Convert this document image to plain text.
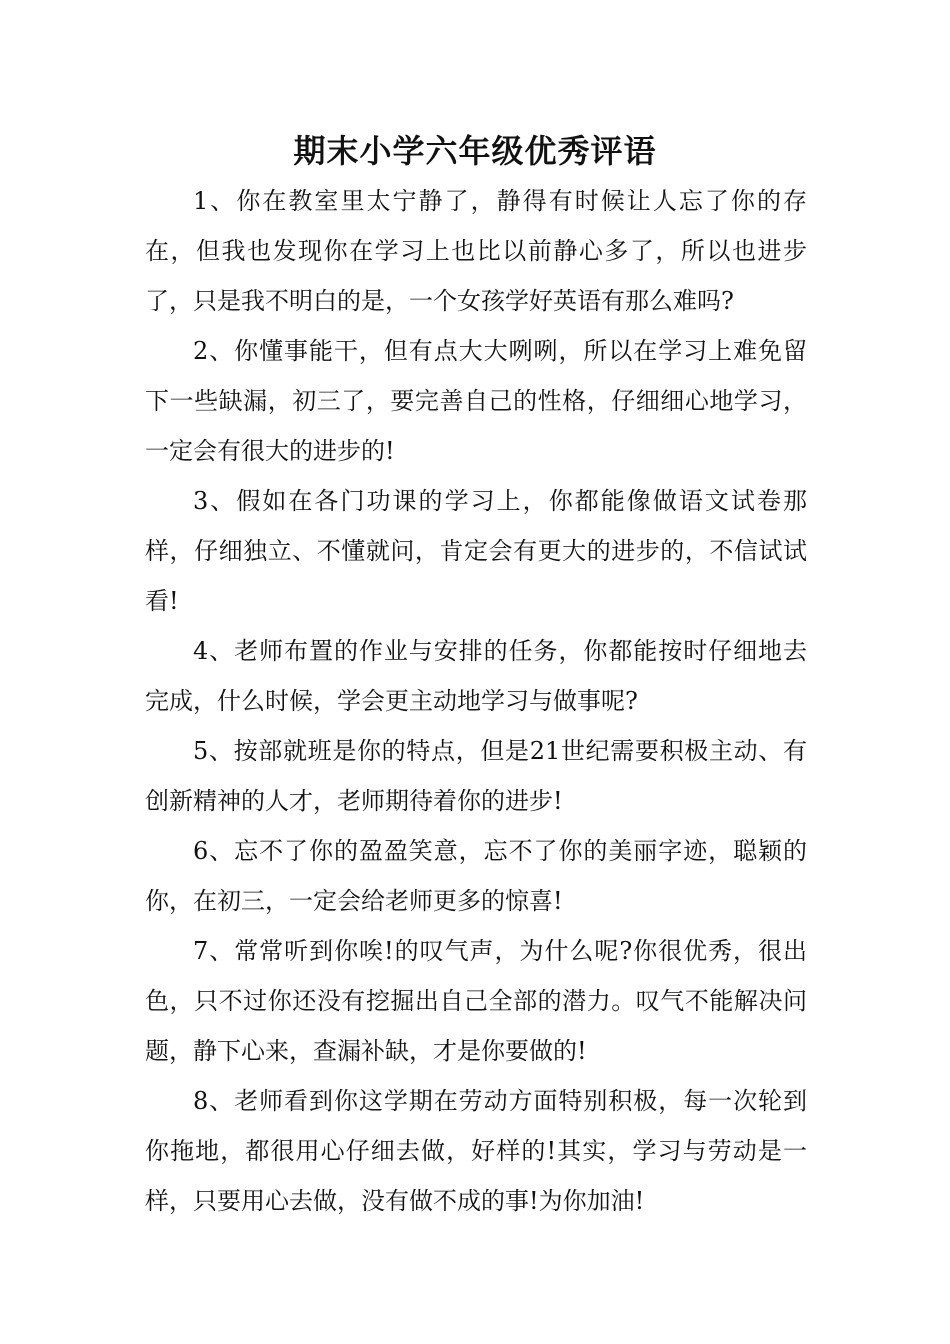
期末小学六年级优秀评语

1、你在教室里太宁静了，静得有时候让人忘了你的存在，但我也发现你在学习上也比以前静心多了，所以也进步了，只是我不明白的是，一个女孩学好英语有那么难吗?

2、你懂事能干，但有点大大咧咧，所以在学习上难免留下一些缺漏，初三了，要完善自己的性格，仔细细心地学习，一定会有很大的进步的!

3、假如在各门功课的学习上，你都能像做语文试卷那样，仔细独立、不懂就问，肯定会有更大的进步的，不信试试看!

4、老师布置的作业与安排的任务，你都能按时仔细地去完成，什么时候，学会更主动地学习与做事呢?

5、按部就班是你的特点，但是21世纪需要积极主动、有创新精神的人才，老师期待着你的进步!

6、忘不了你的盈盈笑意，忘不了你的美丽字迹，聪颖的你，在初三，一定会给老师更多的惊喜!

7、常常听到你唉!的叹气声，为什么呢?你很优秀，很出色，只不过你还没有挖掘出自己全部的潜力。叹气不能解决问题，静下心来，查漏补缺，才是你要做的!

8、老师看到你这学期在劳动方面特别积极，每一次轮到你拖地，都很用心仔细去做，好样的!其实，学习与劳动是一样，只要用心去做，没有做不成的事!为你加油!
